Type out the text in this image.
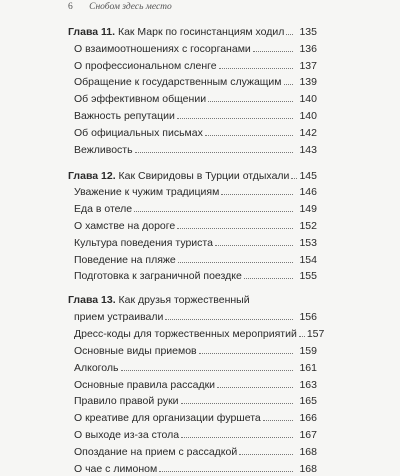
6 Снобом здесь место
Глава 11. Как Марк по госинстанциям ходил	135
О взаимоотношениях с госорганами	136
О профессиональном сленге	137
Обращение к государственным служащим	139
Об эффективном общении	140
Важность репутации	140
Об официальных письмах	142
Вежливость	143
Глава 12. Как Свиридовы в Турции отдыхали 145
Уважение к чужим традициям	146
Еда в отеле	149
О хамстве на дороге	152
Культура поведения туриста	153
Поведение на пляже	154
Подготовка к заграничной поездке	155
Глава 13. Как друзья торжественный
прием устраивали	156
Дресс-коды для торжественных мероприятий 157
Основные виды приемов	159
Алкоголь	161
Основные правила рассадки	163
Правило правой руки	165
О креативе для организации фуршета	166
О выходе из-за стола	167
Опоздание на прием с рассадкой	168
О чае с лимоном	168
